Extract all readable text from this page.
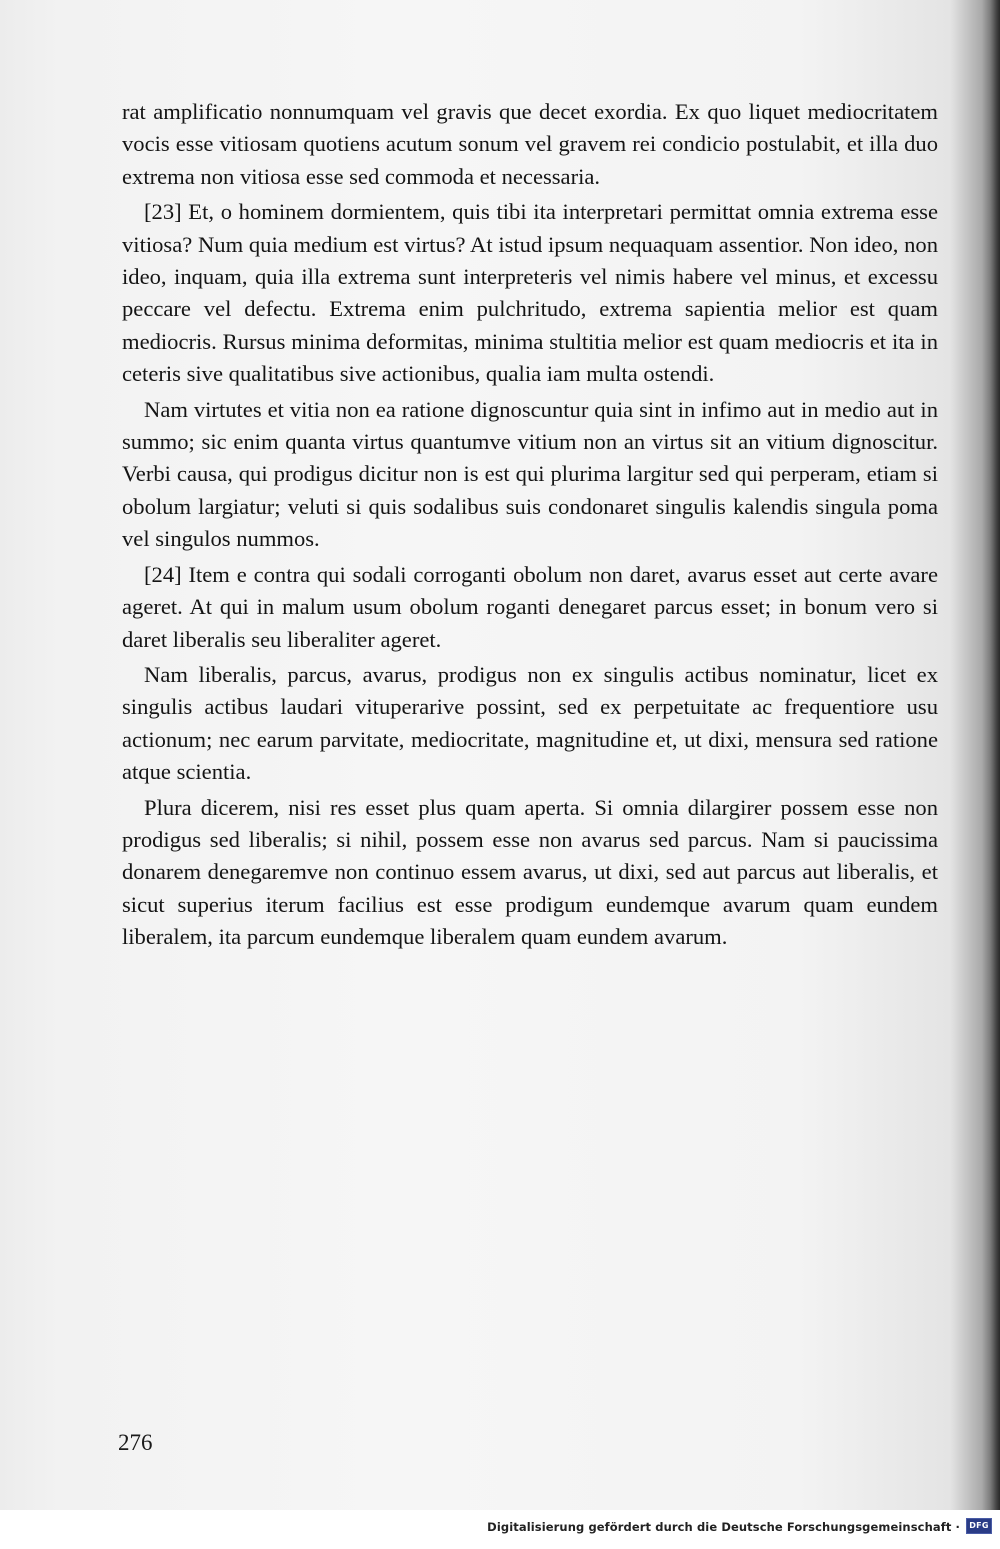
rat amplificatio nonnumquam vel gravis que decet exordia. Ex quo liquet mediocritatem vocis esse vitiosam quotiens acutum sonum vel gravem rei condicio postulabit, et illa duo extrema non vitiosa esse sed commoda et necessaria.

[23] Et, o hominem dormientem, quis tibi ita interpretari permittat omnia extrema esse vitiosa? Num quia medium est virtus? At istud ipsum nequaquam assentior. Non ideo, non ideo, inquam, quia illa extrema sunt interpreteris vel nimis habere vel minus, et excessu peccare vel defectu. Extrema enim pulchritudo, extrema sapientia melior est quam mediocris. Rursus minima deformitas, minima stultitia melior est quam mediocris et ita in ceteris sive qualitatibus sive actionibus, qualia iam multa ostendi.

Nam virtutes et vitia non ea ratione dignoscuntur quia sint in infimo aut in medio aut in summo; sic enim quanta virtus quantumve vitium non an virtus sit an vitium dignoscitur. Verbi causa, qui prodigus dicitur non is est qui plurima largitur sed qui perperam, etiam si obolum largiatur; veluti si quis sodalibus suis condonaret singulis kalendis singula poma vel singulos nummos.

[24] Item e contra qui sodali corroganti obolum non daret, avarus esset aut certe avare ageret. At qui in malum usum obolum roganti denegaret parcus esset; in bonum vero si daret liberalis seu liberaliter ageret.

Nam liberalis, parcus, avarus, prodigus non ex singulis actibus nominatur, licet ex singulis actibus laudari vituperarive possint, sed ex perpetuitate ac frequentiore usu actionum; nec earum parvitate, mediocritate, magnitudine et, ut dixi, mensura sed ratione atque scientia.

Plura dicerem, nisi res esset plus quam aperta. Si omnia dilargirer possem esse non prodigus sed liberalis; si nihil, possem esse non avarus sed parcus. Nam si paucissima donarem denegaremve non continuo essem avarus, ut dixi, sed aut parcus aut liberalis, et sicut superius iterum facilius est esse prodigum eundemque avarum quam eundem liberalem, ita parcum eundemque liberalem quam eundem avarum.

276
Digitalisierung gefördert durch die Deutsche Forschungsgemeinschaft ·	DFG
